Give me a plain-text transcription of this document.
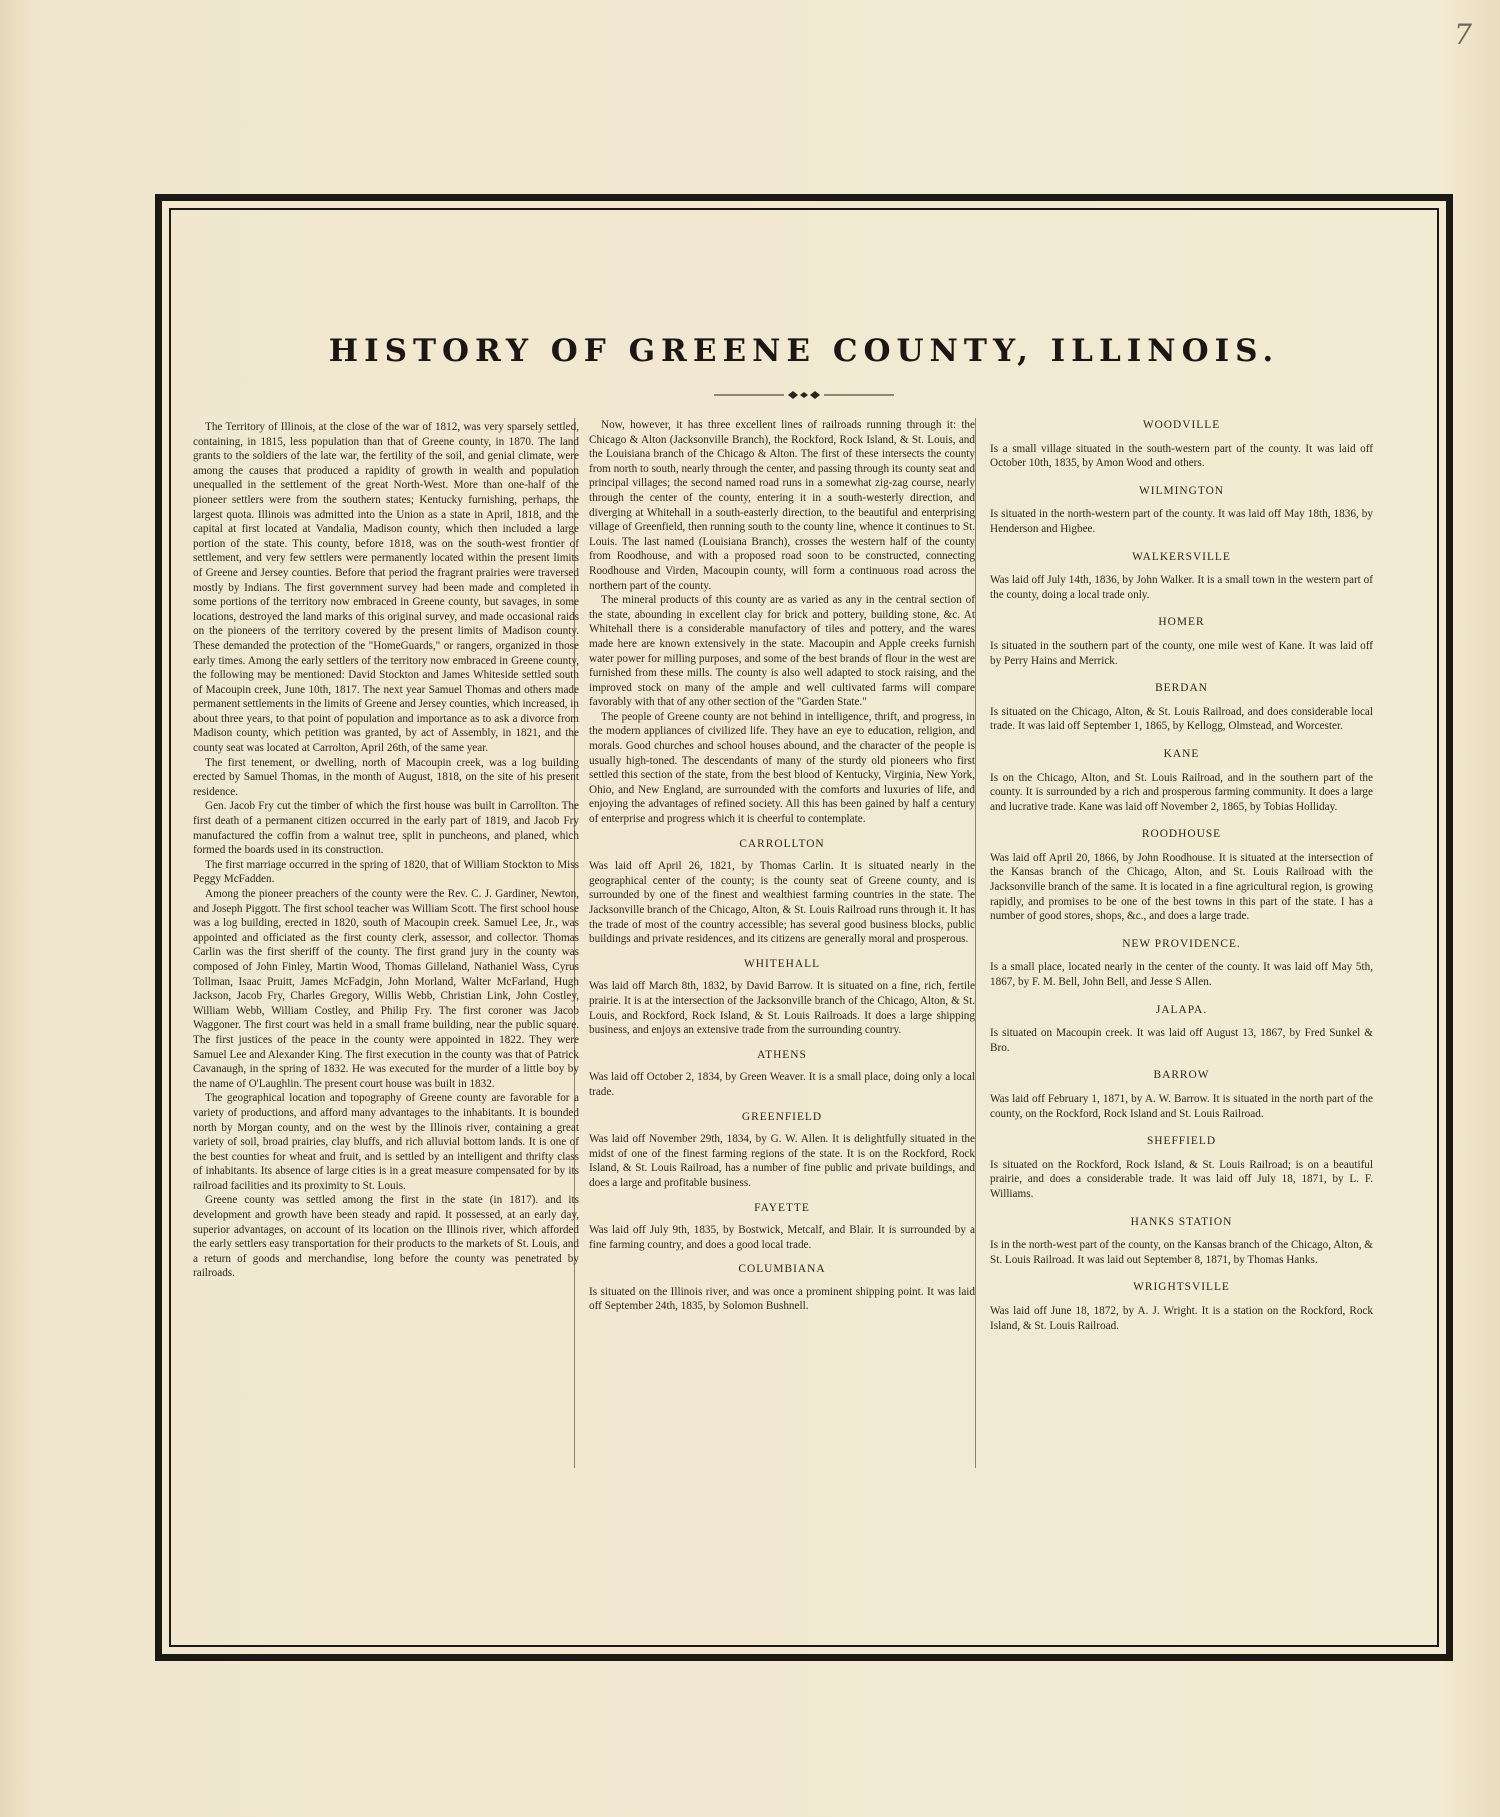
7
HISTORY OF GREENE COUNTY, ILLINOIS.

The Territory of Illinois, at the close of the war of 1812, was very sparsely settled, containing, in 1815, less population than that of Greene county, in 1870. The land grants to the soldiers of the late war, the fertility of the soil, and genial climate, were among the causes that produced a rapidity of growth in wealth and population unequalled in the settlement of the great North-West. More than one-half of the pioneer settlers were from the southern states; Kentucky furnishing, perhaps, the largest quota. Illinois was admitted into the Union as a state in April, 1818, and the capital at first located at Vandalia, Madison county, which then included a large portion of the state. This county, before 1818, was on the south-west frontier of settlement, and very few settlers were permanently located within the present limits of Greene and Jersey counties. Before that period the fragrant prairies were traversed mostly by Indians. The first government survey had been made and completed in some portions of the territory now embraced in Greene county, but savages, in some locations, destroyed the land marks of this original survey, and made occasional raids on the pioneers of the territory covered by the present limits of Madison county. These demanded the protection of the "HomeGuards," or rangers, organized in those early times. Among the early settlers of the territory now embraced in Greene county, the following may be mentioned: David Stockton and James Whiteside settled south of Macoupin creek, June 10th, 1817. The next year Samuel Thomas and others made permanent settlements in the limits of Greene and Jersey counties, which increased, in about three years, to that point of population and importance as to ask a divorce from Madison county, which petition was granted, by act of Assembly, in 1821, and the county seat was located at Carrolton, April 26th, of the same year.

The first tenement, or dwelling, north of Macoupin creek, was a log building erected by Samuel Thomas, in the month of August, 1818, on the site of his present residence.

Gen. Jacob Fry cut the timber of which the first house was built in Carrollton. The first death of a permanent citizen occurred in the early part of 1819, and Jacob Fry manufactured the coffin from a walnut tree, split in puncheons, and planed, which formed the boards used in its construction.

The first marriage occurred in the spring of 1820, that of William Stockton to Miss Peggy McFadden.

Among the pioneer preachers of the county were the Rev. C. J. Gardiner, Newton, and Joseph Piggott. The first school teacher was William Scott. The first school house was a log building, erected in 1820, south of Macoupin creek. Samuel Lee, Jr., was appointed and officiated as the first county clerk, assessor, and collector. Thomas Carlin was the first sheriff of the county. The first grand jury in the county was composed of John Finley, Martin Wood, Thomas Gilleland, Nathaniel Wass, Cyrus Tollman, Isaac Pruitt, James McFadgin, John Morland, Walter McFarland, Hugh Jackson, Jacob Fry, Charles Gregory, Willis Webb, Christian Link, John Costley, William Webb, William Costley, and Philip Fry. The first coroner was Jacob Waggoner. The first court was held in a small frame building, near the public square. The first justices of the peace in the county were appointed in 1822. They were Samuel Lee and Alexander King. The first execution in the county was that of Patrick Cavanaugh, in the spring of 1832. He was executed for the murder of a little boy by the name of O'Laughlin. The present court house was built in 1832.

The geographical location and topography of Greene county are favorable for a variety of productions, and afford many advantages to the inhabitants. It is bounded north by Morgan county, and on the west by the Illinois river, containing a great variety of soil, broad prairies, clay bluffs, and rich alluvial bottom lands. It is one of the best counties for wheat and fruit, and is settled by an intelligent and thrifty class of inhabitants. Its absence of large cities is in a great measure compensated for by its railroad facilities and its proximity to St. Louis.

Greene county was settled among the first in the state (in 1817). and its development and growth have been steady and rapid. It possessed, at an early day, superior advantages, on account of its location on the Illinois river, which afforded the early settlers easy transportation for their products to the markets of St. Louis, and a return of goods and merchandise, long before the county was penetrated by railroads.

Now, however, it has three excellent lines of railroads running through it: the Chicago & Alton (Jacksonville Branch), the Rockford, Rock Island, & St. Louis, and the Louisiana branch of the Chicago & Alton. The first of these intersects the county from north to south, nearly through the center, and passing through its county seat and principal villages; the second named road runs in a somewhat zig-zag course, nearly through the center of the county, entering it in a south-westerly direction, and diverging at Whitehall in a south-easterly direction, to the beautiful and enterprising village of Greenfield, then running south to the county line, whence it continues to St. Louis. The last named (Louisiana Branch), crosses the western half of the county from Roodhouse, and with a proposed road soon to be constructed, connecting Roodhouse and Virden, Macoupin county, will form a continuous road across the northern part of the county.

The mineral products of this county are as varied as any in the central section of the state, abounding in excellent clay for brick and pottery, building stone, &c. At Whitehall there is a considerable manufactory of tiles and pottery, and the wares made here are known extensively in the state. Macoupin and Apple creeks furnish water power for milling purposes, and some of the best brands of flour in the west are furnished from these mills. The county is also well adapted to stock raising, and the improved stock on many of the ample and well cultivated farms will compare favorably with that of any other section of the "Garden State."

The people of Greene county are not behind in intelligence, thrift, and progress, in the modern appliances of civilized life. They have an eye to education, religion, and morals. Good churches and school houses abound, and the character of the people is usually high-toned. The descendants of many of the sturdy old pioneers who first settled this section of the state, from the best blood of Kentucky, Virginia, New York, Ohio, and New England, are surrounded with the comforts and luxuries of life, and enjoying the advantages of refined society. All this has been gained by half a century of enterprise and progress which it is cheerful to contemplate.

CARROLLTON

Was laid off April 26, 1821, by Thomas Carlin. It is situated nearly in the geographical center of the county; is the county seat of Greene county, and is surrounded by one of the finest and wealthiest farming countries in the state. The Jacksonville branch of the Chicago, Alton, & St. Louis Railroad runs through it. It has the trade of most of the country accessible; has several good business blocks, public buildings and private residences, and its citizens are generally moral and prosperous.

WHITEHALL

Was laid off March 8th, 1832, by David Barrow. It is situated on a fine, rich, fertile prairie. It is at the intersection of the Jacksonville branch of the Chicago, Alton, & St. Louis, and Rockford, Rock Island, & St. Louis Railroads. It does a large shipping business, and enjoys an extensive trade from the surrounding country.

ATHENS

Was laid off October 2, 1834, by Green Weaver. It is a small place, doing only a local trade.

GREENFIELD

Was laid off November 29th, 1834, by G. W. Allen. It is delightfully situated in the midst of one of the finest farming regions of the state. It is on the Rockford, Rock Island, & St. Louis Railroad, has a number of fine public and private buildings, and does a large and profitable business.

FAYETTE

Was laid off July 9th, 1835, by Bostwick, Metcalf, and Blair. It is surrounded by a fine farming country, and does a good local trade.

COLUMBIANA

Is situated on the Illinois river, and was once a prominent shipping point. It was laid off September 24th, 1835, by Solomon Bushnell.

WOODVILLE

Is a small village situated in the south-western part of the county. It was laid off October 10th, 1835, by Amon Wood and others.

WILMINGTON

Is situated in the north-western part of the county. It was laid off May 18th, 1836, by Henderson and Higbee.

WALKERSVILLE

Was laid off July 14th, 1836, by John Walker. It is a small town in the western part of the county, doing a local trade only.

HOMER

Is situated in the southern part of the county, one mile west of Kane. It was laid off by Perry Hains and Merrick.

BERDAN

Is situated on the Chicago, Alton, & St. Louis Railroad, and does considerable local trade. It was laid off September 1, 1865, by Kellogg, Olmstead, and Worcester.

KANE

Is on the Chicago, Alton, and St. Louis Railroad, and in the southern part of the county. It is surrounded by a rich and prosperous farming community. It does a large and lucrative trade. Kane was laid off November 2, 1865, by Tobias Holliday.

ROODHOUSE

Was laid off April 20, 1866, by John Roodhouse. It is situated at the intersection of the Kansas branch of the Chicago, Alton, and St. Louis Railroad with the Jacksonville branch of the same. It is located in a fine agricultural region, is growing rapidly, and promises to be one of the best towns in this part of the state. I has a number of good stores, shops, &c., and does a large trade.

NEW PROVIDENCE.

Is a small place, located nearly in the center of the county. It was laid off May 5th, 1867, by F. M. Bell, John Bell, and Jesse S Allen.

JALAPA.

Is situated on Macoupin creek. It was laid off August 13, 1867, by Fred Sunkel & Bro.

BARROW

Was laid off February 1, 1871, by A. W. Barrow. It is situated in the north part of the county, on the Rockford, Rock Island and St. Louis Railroad.

SHEFFIELD

Is situated on the Rockford, Rock Island, & St. Louis Railroad; is on a beautiful prairie, and does a considerable trade. It was laid off July 18, 1871, by L. F. Williams.

HANKS STATION

Is in the north-west part of the county, on the Kansas branch of the Chicago, Alton, & St. Louis Railroad. It was laid out September 8, 1871, by Thomas Hanks.

WRIGHTSVILLE

Was laid off June 18, 1872, by A. J. Wright. It is a station on the Rockford, Rock Island, & St. Louis Railroad.
